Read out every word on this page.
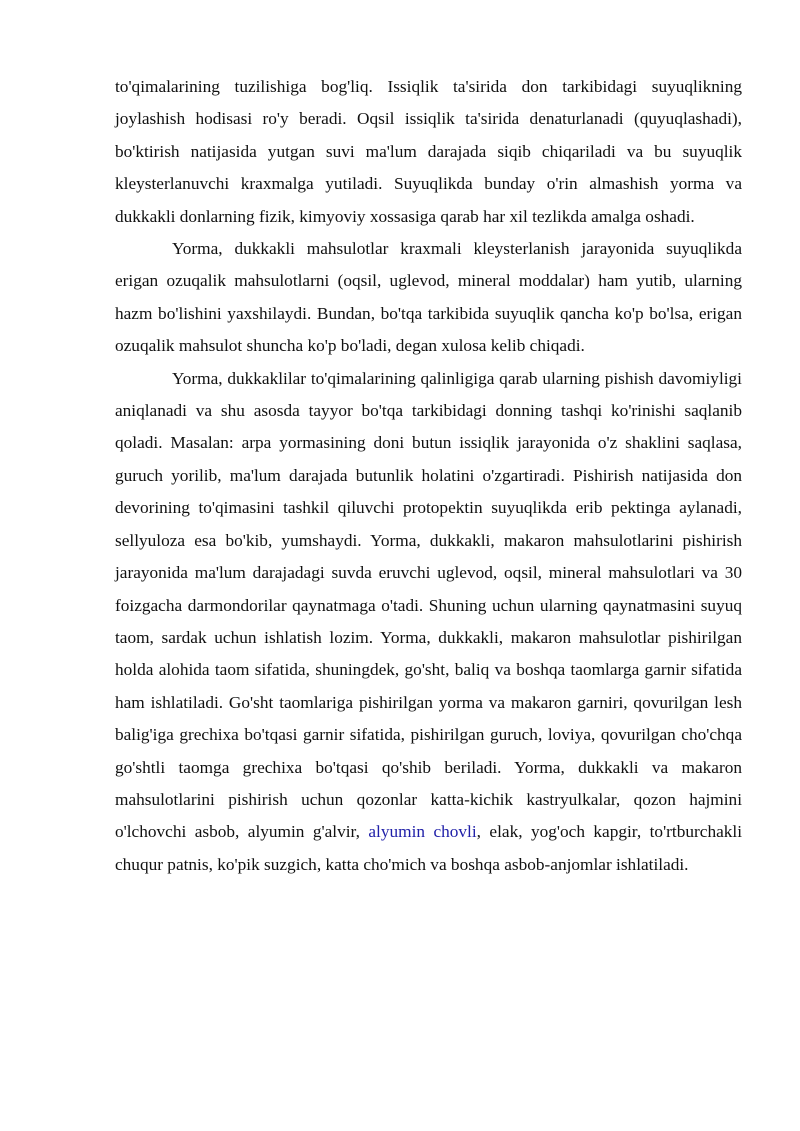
to'qimalarining tuzilishiga bog'liq. Issiqlik ta'sirida don tarkibidagi suyuqlikning joylashish hodisasi ro'y beradi. Oqsil issiqlik ta'sirida denaturlanadi (quyuqlashadi), bo'ktirish natijasida yutgan suvi ma'lum darajada siqib chiqariladi va bu suyuqlik kleysterlanuvchi kraxmalga yutiladi. Suyuqlikda bunday o'rin almashish yorma va dukkakli donlarning fizik, kimyoviy xossasiga qarab har xil tezlikda amalga oshadi.

Yorma, dukkakli mahsulotlar kraxmali kleysterlanish jarayonida suyuqlikda erigan ozuqalik mahsulotlarni (oqsil, uglevod, mineral moddalar) ham yutib, ularning hazm bo'lishini yaxshilaydi. Bundan, bo'tqa tarkibida suyuqlik qancha ko'p bo'lsa, erigan ozuqalik mahsulot shuncha ko'p bo'ladi, degan xulosa kelib chiqadi.

Yorma, dukkaklilar to'qimalarining qalinligiga qarab ularning pishish davomiyligi aniqlanadi va shu asosda tayyor bo'tqa tarkibidagi donning tashqi ko'rinishi saqlanib qoladi. Masalan: arpa yormasining doni butun issiqlik jarayonida o'z shaklini saqlasa, guruch yorilib, ma'lum darajada butunlik holatini o'zgartiradi. Pishirish natijasida don devorining to'qimasini tashkil qiluvchi protopektin suyuqlikda erib pektinga aylanadi, sellyuloza esa bo'kib, yumshaydi. Yorma, dukkakli, makaron mahsulotlarini pishirish jarayonida ma'lum darajadagi suvda eruvchi uglevod, oqsil, mineral mahsulotlari va 30 foizgacha darmondorilar qaynatmaga o'tadi. Shuning uchun ularning qaynatmasini suyuq taom, sardak uchun ishlatish lozim. Yorma, dukkakli, makaron mahsulotlar pishirilgan holda alohida taom sifatida, shuningdek, go'sht, baliq va boshqa taomlarga garnir sifatida ham ishlatiladi. Go'sht taomlariga pishirilgan yorma va makaron garniri, qovurilgan lesh balig'iga grechixa bo'tqasi garnir sifatida, pishirilgan guruch, loviya, qovurilgan cho'chqa go'shtli taomga grechixa bo'tqasi qo'shib beriladi. Yorma, dukkakli va makaron mahsulotlarini pishirish uchun qozonlar katta-kichik kastryulkalar, qozon hajmini o'lchovchi asbob, alyumin g'alvir, alyumin chovli, elak, yog'och kapgir, to'rtburchakli chuqur patnis, ko'pik suzgich, katta cho'mich va boshqa asbob-anjomlar ishlatiladi.
